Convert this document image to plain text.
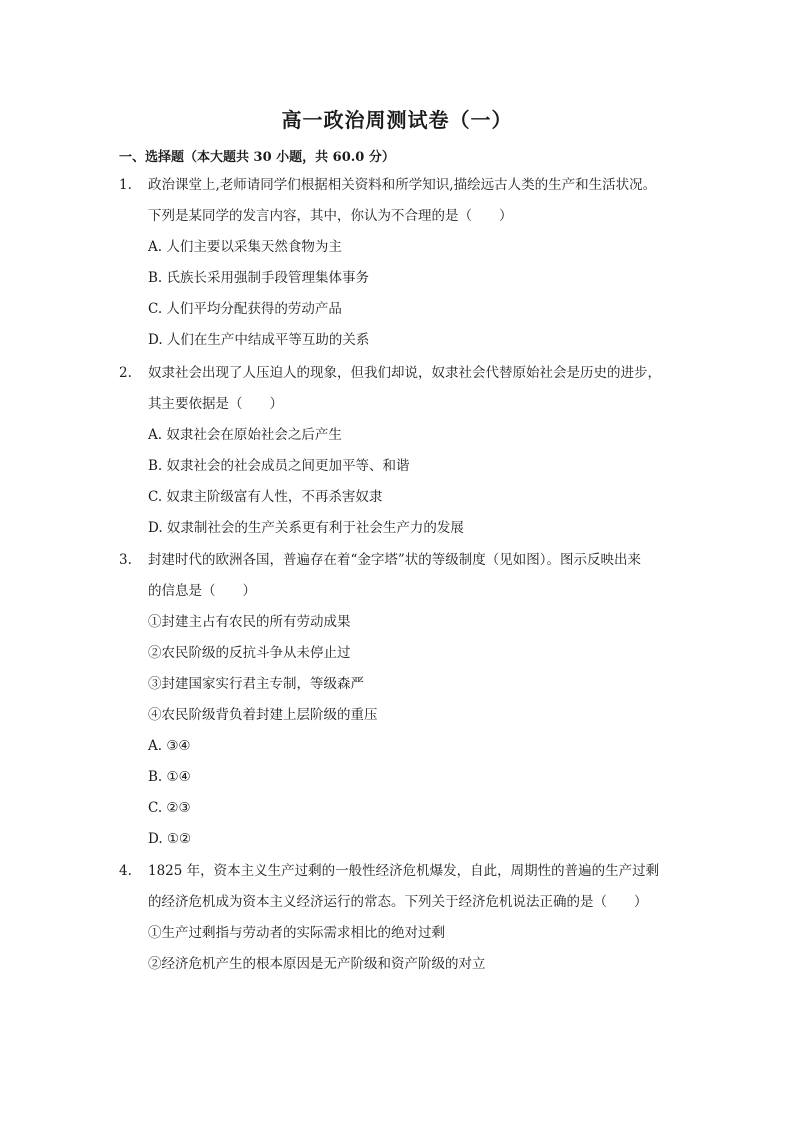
高一政治周测试卷（一）
一、选择题（本大题共 30 小题，共 60.0 分）
1. 政治课堂上,老师请同学们根据相关资料和所学知识,描绘远古人类的生产和生活状况。
下列是某同学的发言内容，其中，你认为不合理的是（　　）
A. 人们主要以采集天然食物为主
B. 氏族长采用强制手段管理集体事务
C. 人们平均分配获得的劳动产品
D. 人们在生产中结成平等互助的关系
2. 奴隶社会出现了人压迫人的现象，但我们却说，奴隶社会代替原始社会是历史的进步，
其主要依据是（　　）
A. 奴隶社会在原始社会之后产生
B. 奴隶社会的社会成员之间更加平等、和谐
C. 奴隶主阶级富有人性，不再杀害奴隶
D. 奴隶制社会的生产关系更有利于社会生产力的发展
3. 封建时代的欧洲各国，普遍存在着“金字塔”状的等级制度（见如图）。图示反映出来
的信息是（　　）
①封建主占有农民的所有劳动成果
②农民阶级的反抗斗争从未停止过
③封建国家实行君主专制，等级森严
④农民阶级背负着封建上层阶级的重压
A. ③④
B. ①④
C. ②③
D. ①②
4. 1825 年，资本主义生产过剩的一般性经济危机爆发，自此，周期性的普遍的生产过剩
的经济危机成为资本主义经济运行的常态。下列关于经济危机说法正确的是（　　）
①生产过剩指与劳动者的实际需求相比的绝对过剩
②经济危机产生的根本原因是无产阶级和资产阶级的对立
